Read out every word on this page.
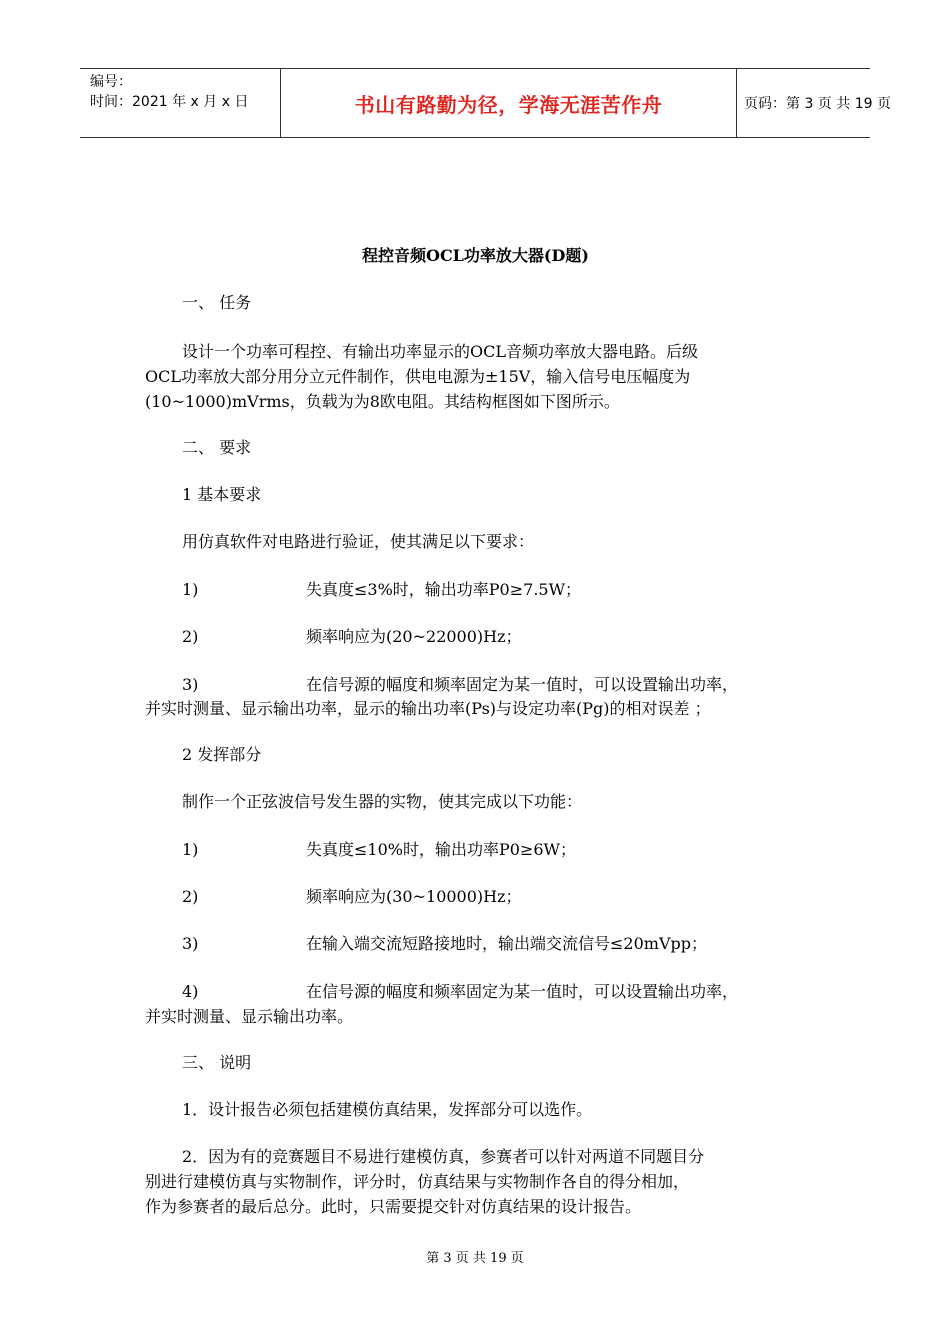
编号：
时间：2021 年 x 月 x 日	书山有路勤为径，学海无涯苦作舟	页码：第 3 页 共 19 页
程控音频OCL功率放大器(D题)
一、 任务
设计一个功率可程控、有输出功率显示的OCL音频功率放大器电路。后级
OCL功率放大部分用分立元件制作，供电电源为±15V，输入信号电压幅度为
(10~1000)mVrms，负载为为8欧电阻。其结构框图如下图所示。
二、 要求
1 基本要求
用仿真软件对电路进行验证，使其满足以下要求：
1)	失真度≤3%时，输出功率P0≥7.5W；
2)	频率响应为(20~22000)Hz；
3)	在信号源的幅度和频率固定为某一值时，可以设置输出功率，
并实时测量、显示输出功率，显示的输出功率(Ps)与设定功率(Pg)的相对误差 ；
2 发挥部分
制作一个正弦波信号发生器的实物，使其完成以下功能：
1)	失真度≤10%时，输出功率P0≥6W；
2)	频率响应为(30~10000)Hz；
3)	在输入端交流短路接地时，输出端交流信号≤20mVpp；
4)	在信号源的幅度和频率固定为某一值时，可以设置输出功率，
并实时测量、显示输出功率。
三、 说明
1．设计报告必须包括建模仿真结果，发挥部分可以选作。
2．因为有的竞赛题目不易进行建模仿真，参赛者可以针对两道不同题目分
别进行建模仿真与实物制作，评分时，仿真结果与实物制作各自的得分相加，
作为参赛者的最后总分。此时，只需要提交针对仿真结果的设计报告。
第 3 页 共 19 页
